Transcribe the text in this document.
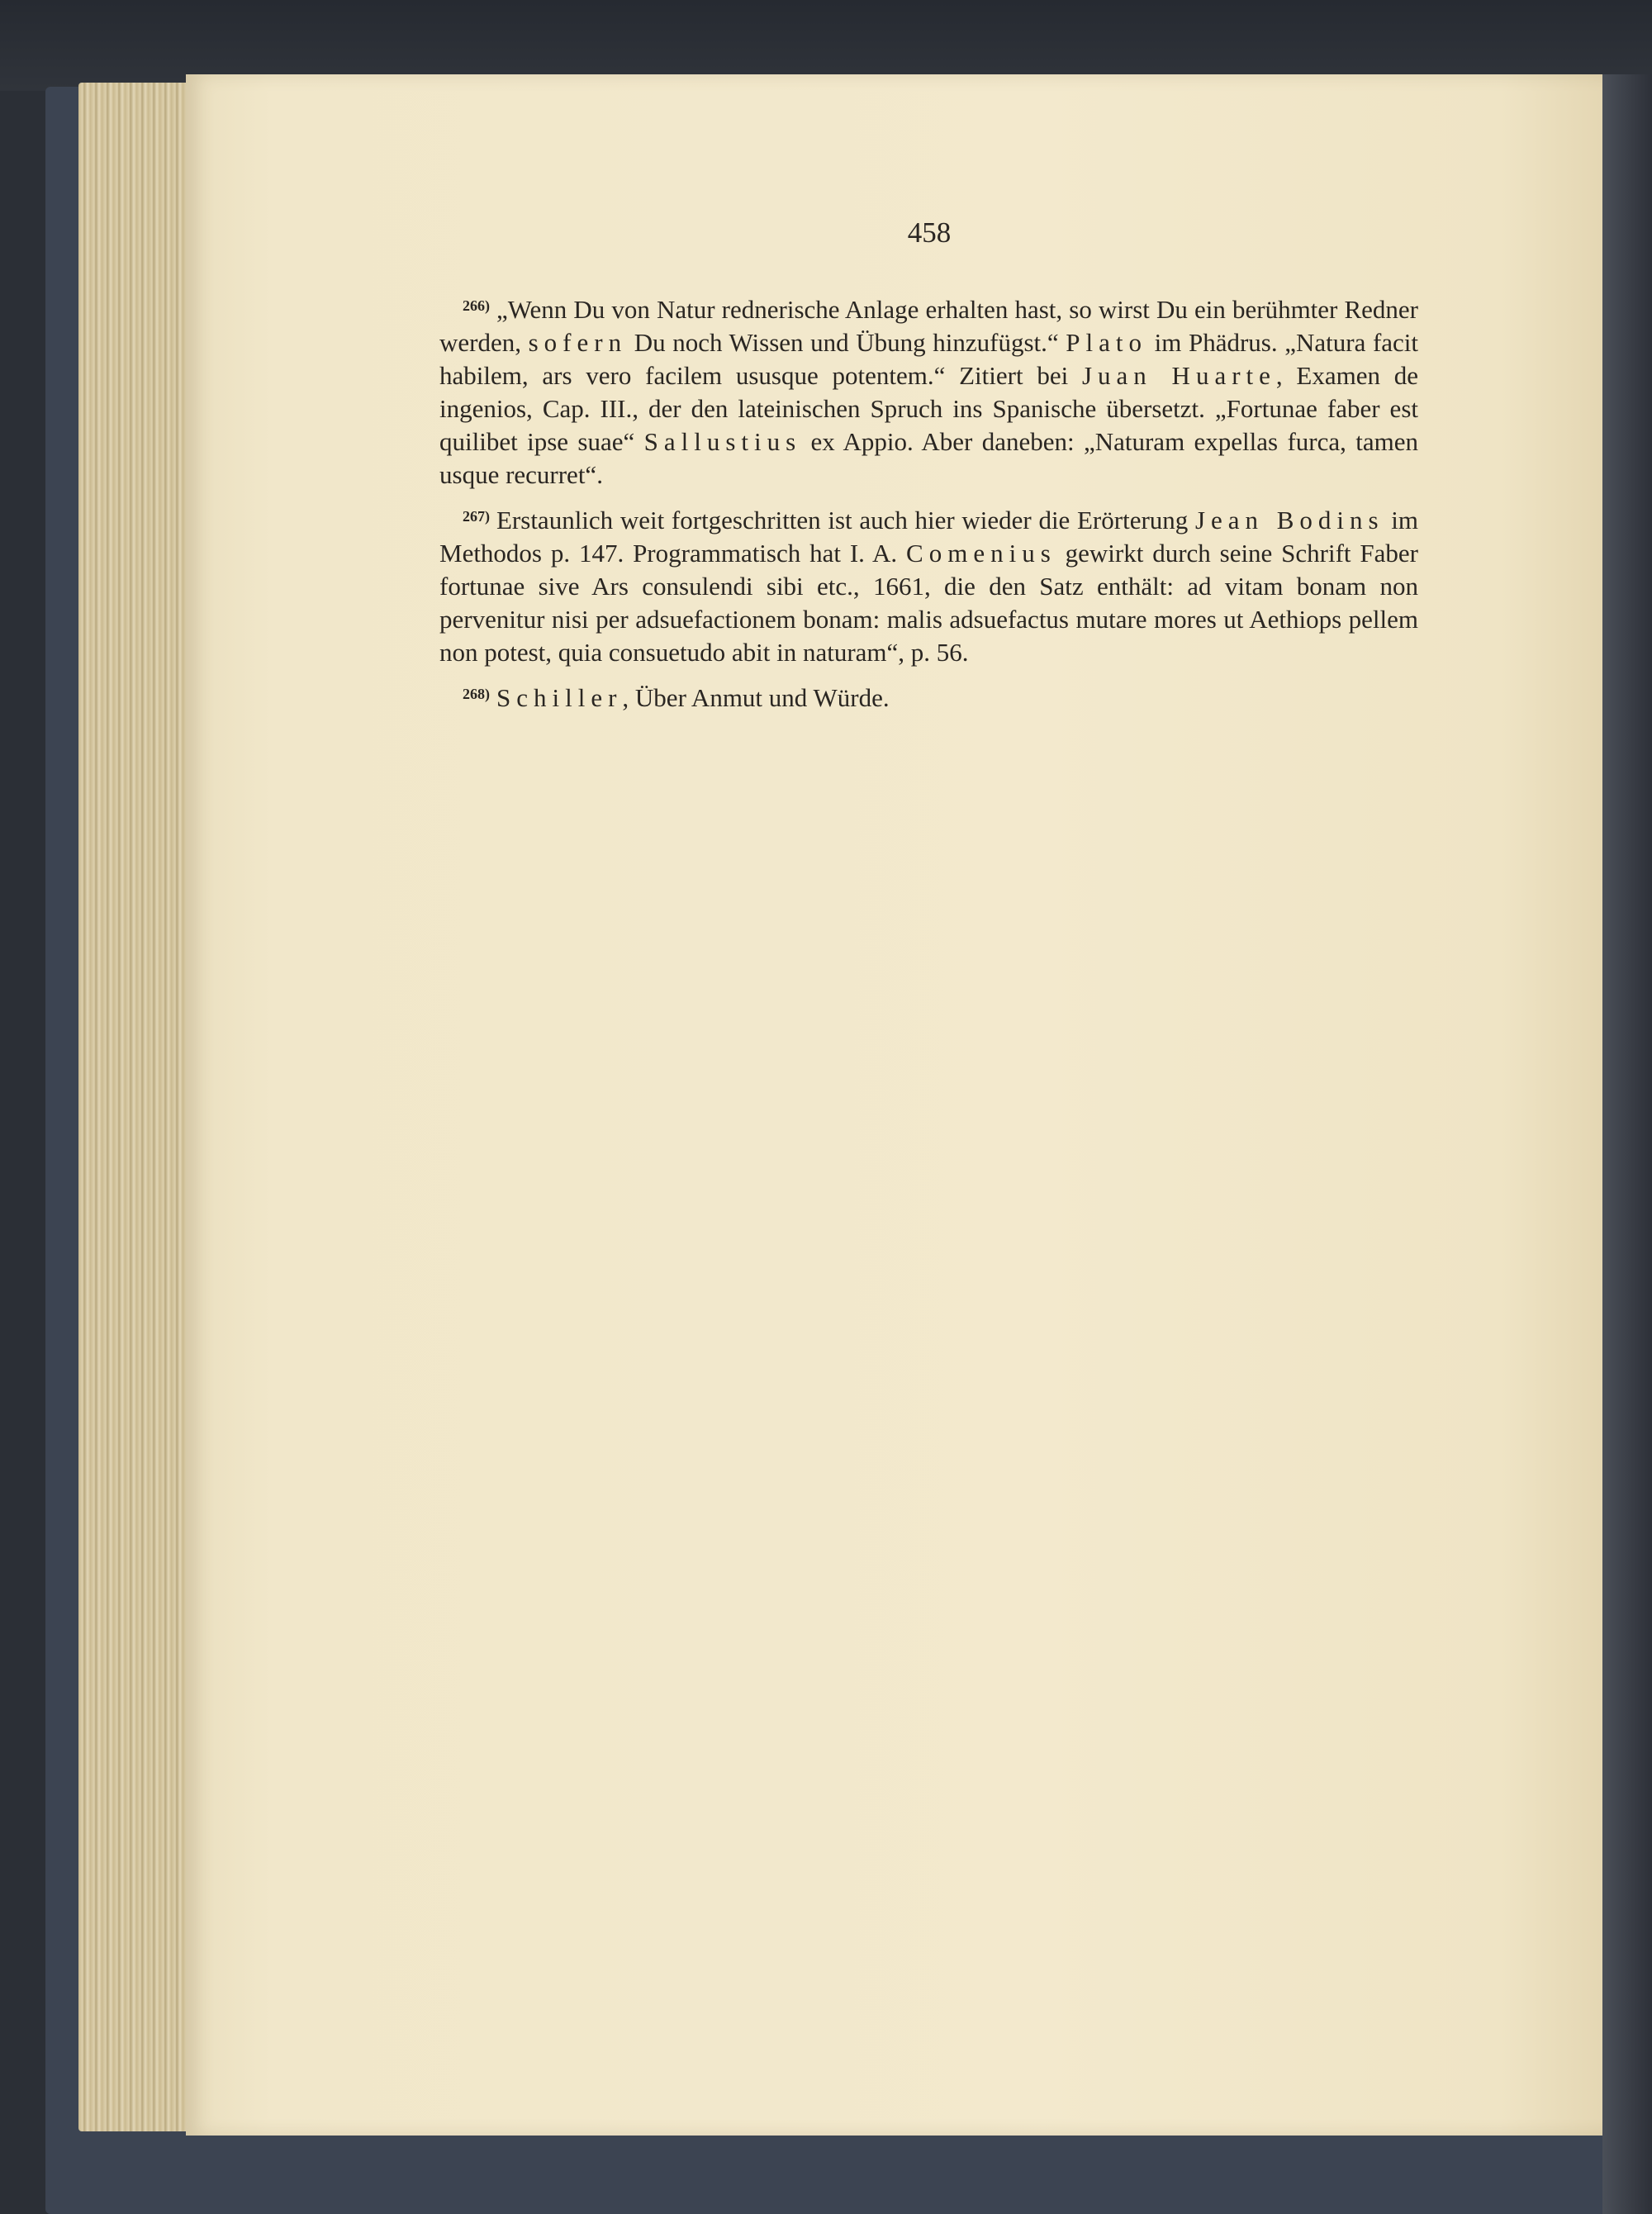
458

$^{266)}$ „Wenn Du von Natur rednerische Anlage erhalten hast, so wirst Du ein berühmter Redner werden, sofern Du noch Wissen und Übung hinzufügst.“ Plato im Phädrus. „Natura facit habilem, ars vero facilem ususque potentem.“ Zitiert bei Juan Huarte, Examen de ingenios, Cap. III., der den lateinischen Spruch ins Spanische übersetzt. „Fortunae faber est quilibet ipse suae“ Sallustius ex Appio. Aber daneben: „Naturam expellas furca, tamen usque recurret“.

$^{267)}$ Erstaunlich weit fortgeschritten ist auch hier wieder die Erörterung Jean Bodins im Methodos p. 147. Programmatisch hat I. A. Comenius gewirkt durch seine Schrift Faber fortunae sive Ars consulendi sibi etc., 1661, die den Satz enthält: ad vitam bonam non pervenitur nisi per adsuefactionem bonam: malis adsuefactus mutare mores ut Aethiops pellem non potest, quia consuetudo abit in naturam“, p. 56.

$^{268)}$ Schiller, Über Anmut und Würde.
